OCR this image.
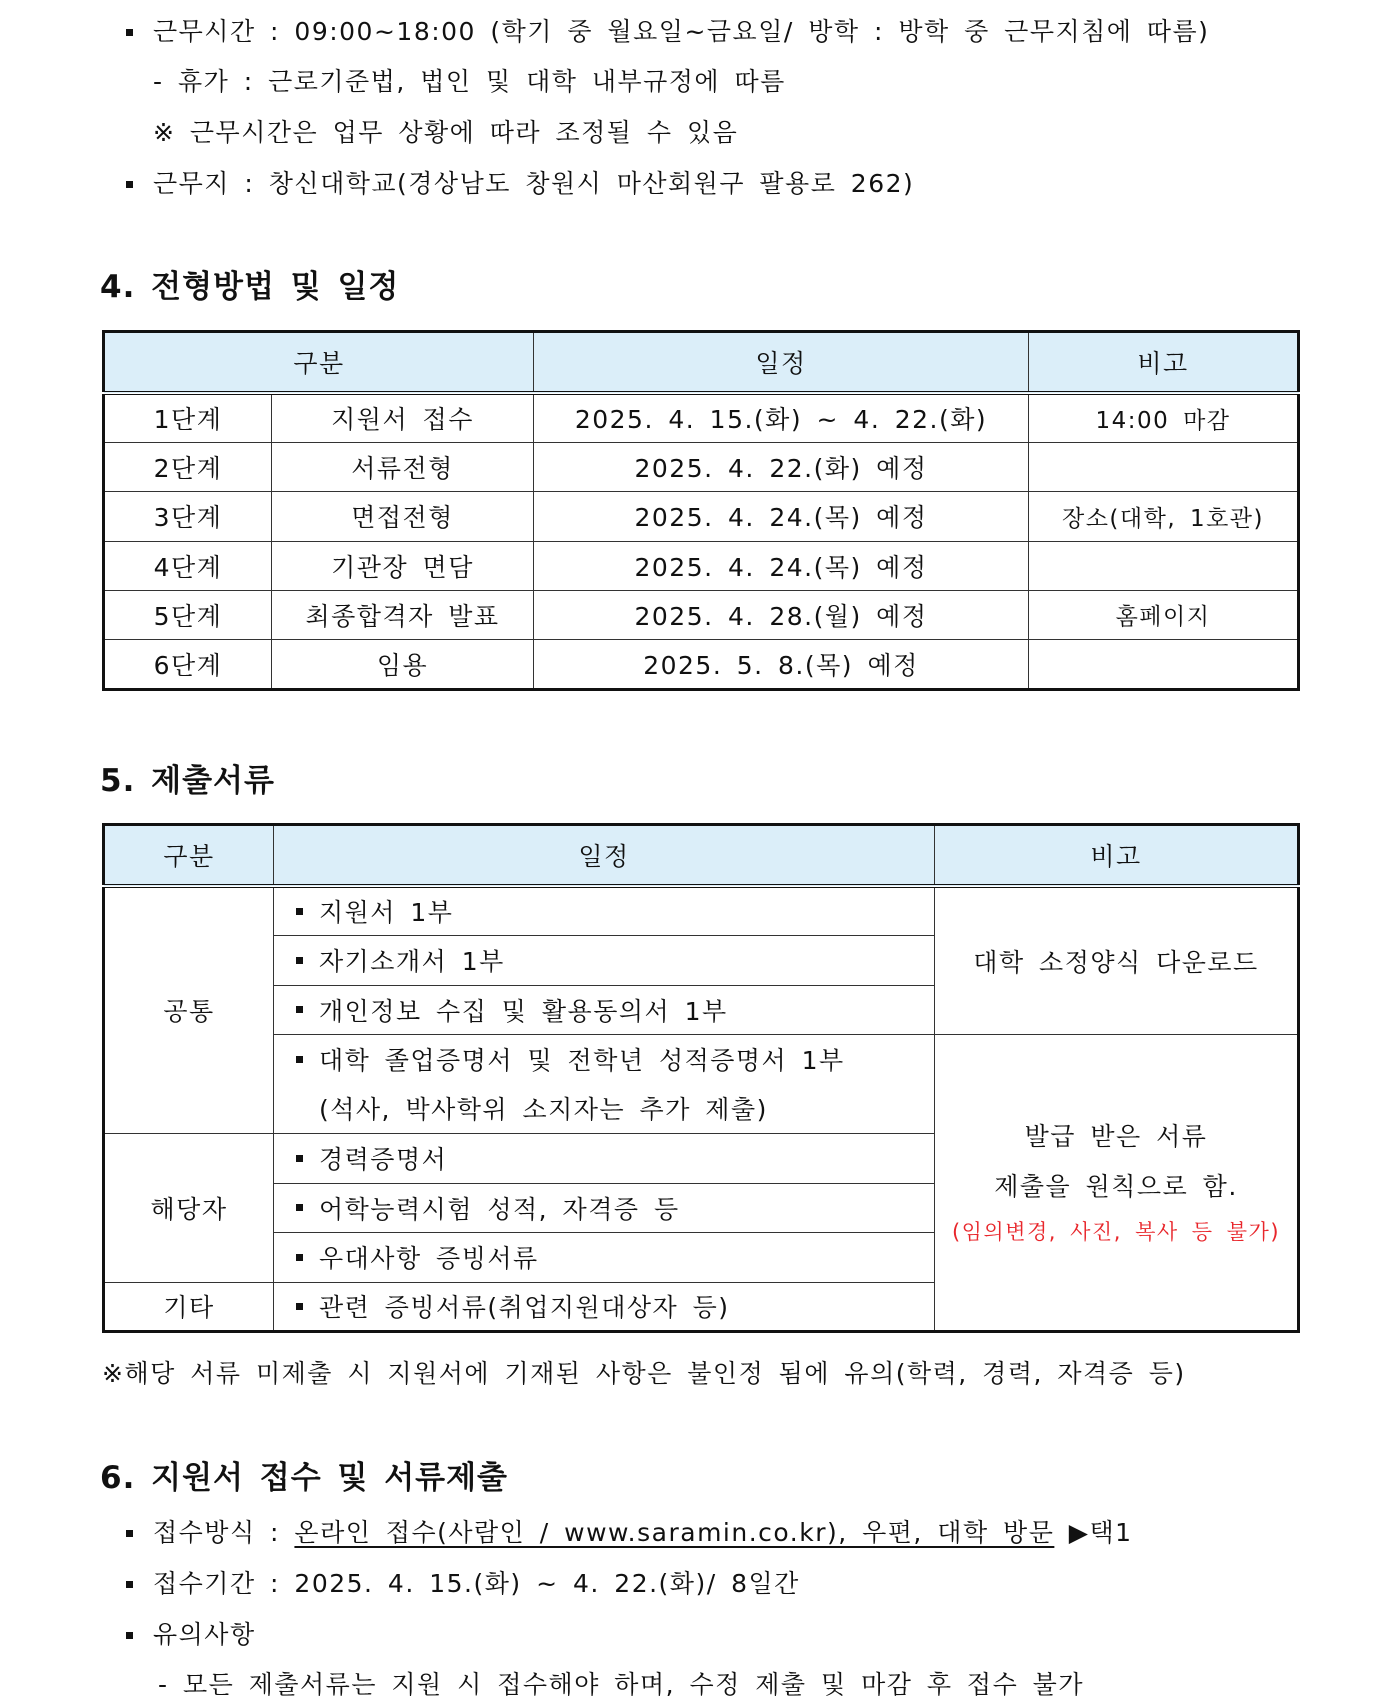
근무시간 : 09:00~18:00 (학기 중 월요일~금요일/ 방학 : 방학 중 근무지침에 따름)
- 휴가 : 근로기준법, 법인 및 대학 내부규정에 따름
※ 근무시간은 업무 상황에 따라 조정될 수 있음
근무지 : 창신대학교(경상남도 창원시 마산회원구 팔용로 262)
4. 전형방법 및 일정
구분		일정	비고
1단계	지원서 접수	2025. 4. 15.(화) ~ 4. 22.(화)	14:00 마감
2단계	서류전형	2025. 4. 22.(화) 예정	
3단계	면접전형	2025. 4. 24.(목) 예정	장소(대학, 1호관)
4단계	기관장 면담	2025. 4. 24.(목) 예정	
5단계	최종합격자 발표	2025. 4. 28.(월) 예정	홈페이지
6단계	임용	2025. 5. 8.(목) 예정	
5. 제출서류
구분	일정	비고
공통	지원서 1부	대학 소정양식 다운로드
	자기소개서 1부	
	개인정보 수집 및 활용동의서 1부	
	대학 졸업증명서 및 전학년 성적증명서 1부	발급 받은 서류
제출을 원칙으로 함.
(임의변경, 사진, 복사 등 불가)

	(석사, 박사학위 소지자는 추가 제출)	
해당자	경력증명서	
	어학능력시험 성적, 자격증 등	
	우대사항 증빙서류	
기타	관련 증빙서류(취업지원대상자 등)	
※해당 서류 미제출 시 지원서에 기재된 사항은 불인정 됨에 유의(학력, 경력, 자격증 등)
6. 지원서 접수 및 서류제출
접수방식 : 온라인 접수(사람인 / www.saramin.co.kr), 우편, 대학 방문 ▶택1
접수기간 : 2025. 4. 15.(화) ~ 4. 22.(화)/ 8일간
유의사항
- 모든 제출서류는 지원 시 접수해야 하며, 수정 제출 및 마감 후 접수 불가
